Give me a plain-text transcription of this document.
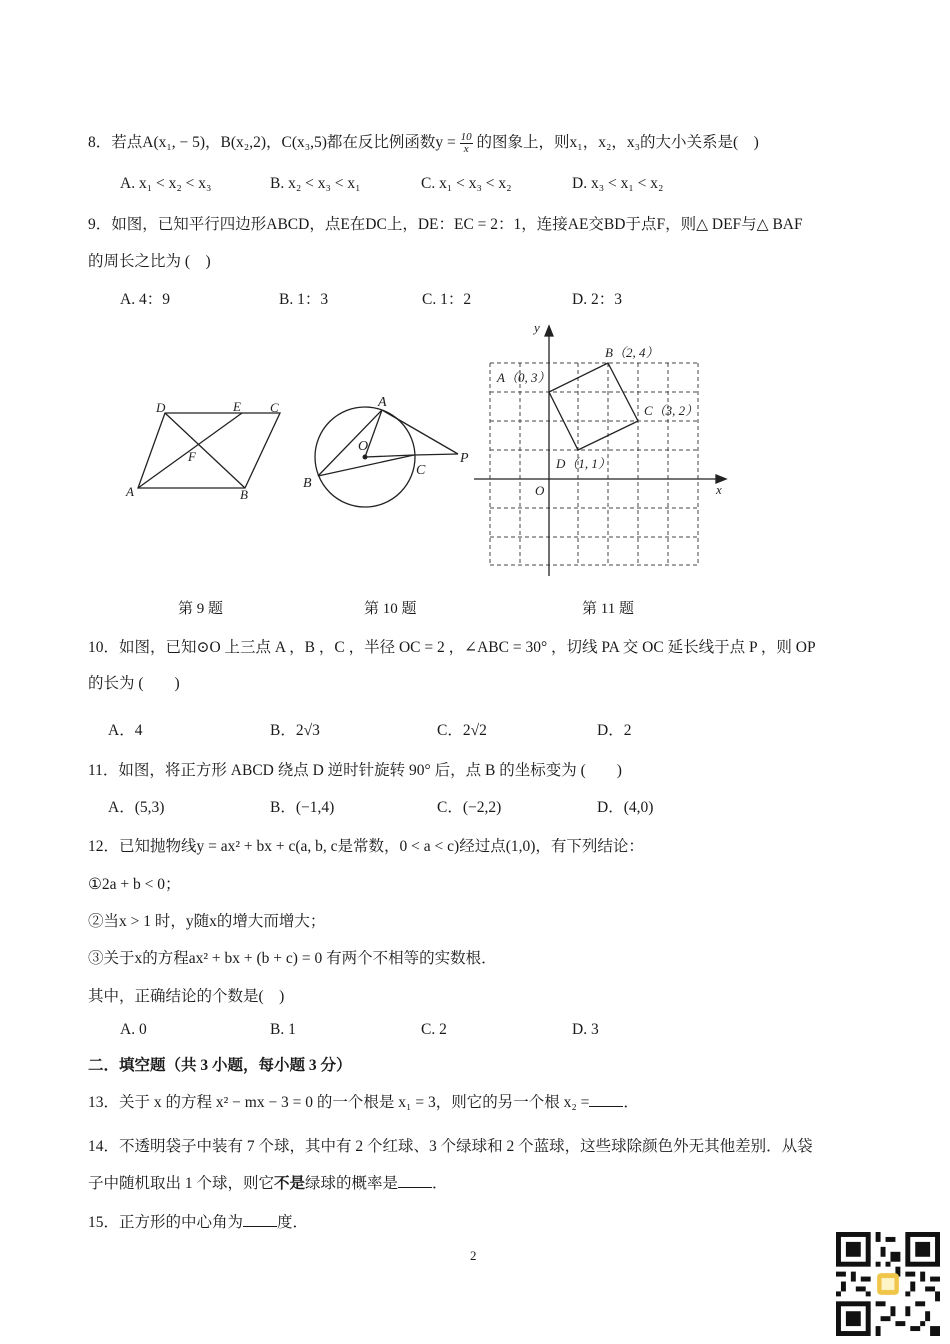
8．若点A(x₁, − 5)，B(x₂,2)，C(x₃,5)都在反比例函数$y = \frac{10}{x}$ 的图象上，则x₁，x₂，x₃的大小关系是(　)
A. x₁ < x₂ < x₃	B. x₂ < x₃ < x₁	C. x₁ < x₃ < x₂	D. x₃ < x₁ < x₂
9．如图，已知平行四边形ABCD，点E在DC上，DE：EC = 2：1，连接AE交BD于点F，则△ DEF与△ BAF
的周长之比为 (　)
A. 4：9	B. 1：3	C. 1：2	D. 2：3
D	E C
F
A	B
A
O
C
P
B
y
x
O
A（0, 3）
B（2, 4）
C（3, 2）
D（1, 1）
第 9 题	第 10 题	第 11 题
10．如图，已知⊙O 上三点 A ，B ，C ，半径 OC = 2 ，∠ABC = 30° ，切线 PA 交 OC 延长线于点 P ，则 OP
的长为 (　　)
A．4	B．2√3	C．2√2	D．2
11．如图，将正方形 ABCD 绕点 D 逆时针旋转 90° 后，点 B 的坐标变为 (　　)
A．(5,3)	B．(−1,4)	C．(−2,2)	D．(4,0)
12．已知抛物线y = ax² + bx + c(a, b, c是常数，0 < a < c)经过点(1,0)，有下列结论：
①2a + b < 0；
②当x > 1 时，y随x的增大而增大；
③关于x的方程ax² + bx + (b + c) = 0 有两个不相等的实数根．
其中，正确结论的个数是(　)
A. 0	B. 1	C. 2	D. 3
二．填空题（共 3 小题，每小题 3 分）
13．关于 x 的方程 x² − mx − 3 = 0 的一个根是 x₁ = 3，则它的另一个根 x₂ = ．
14．不透明袋子中装有 7 个球，其中有 2 个红球、3 个绿球和 2 个蓝球，这些球除颜色外无其他差别．从袋
子中随机取出 1 个球，则它不是绿球的概率是 ．
15．正方形的中心角为 度．
2
